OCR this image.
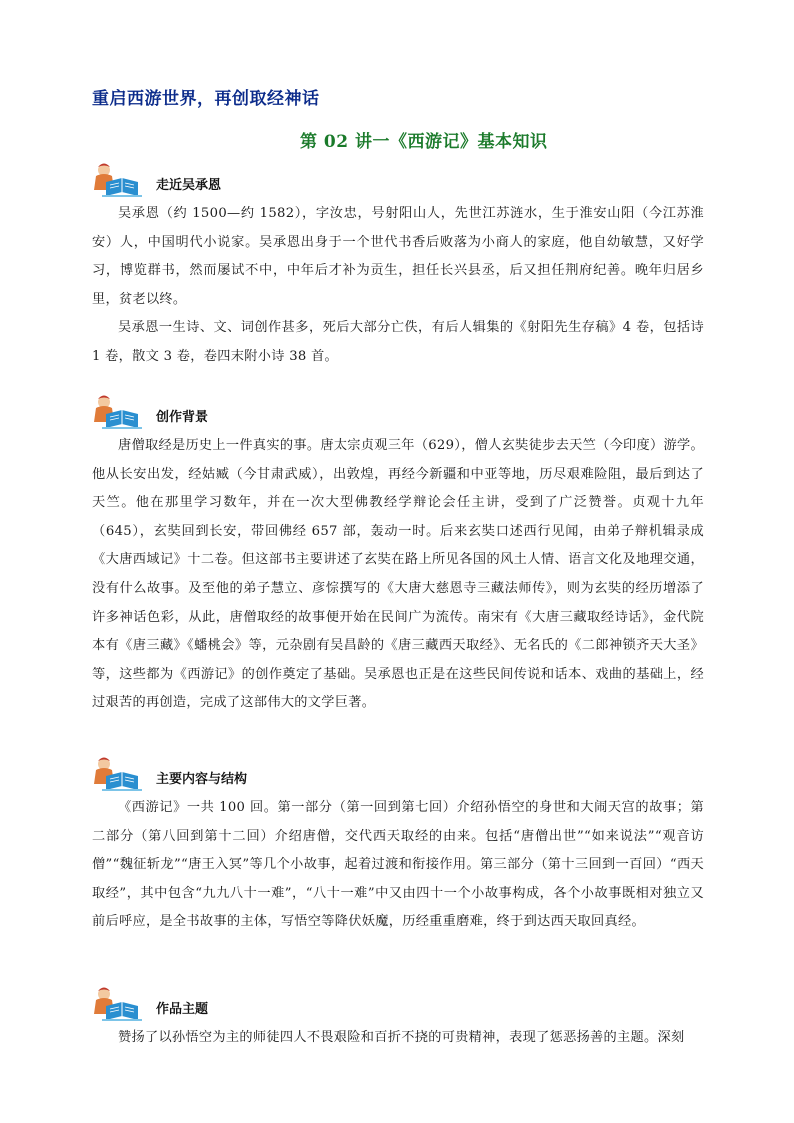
重启西游世界，再创取经神话
第 02 讲一《西游记》基本知识
走近吴承恩

吴承恩（约 1500—约 1582），字汝忠，号射阳山人，先世江苏涟水，生于淮安山阳（今江苏淮安）人，中国明代小说家。吴承恩出身于一个世代书香后败落为小商人的家庭，他自幼敏慧，又好学习，博览群书，然而屡试不中，中年后才补为贡生，担任长兴县丞，后又担任荆府纪善。晚年归居乡里，贫老以终。

吴承恩一生诗、文、词创作甚多，死后大部分亡佚，有后人辑集的《射阳先生存稿》4 卷，包括诗 1 卷，散文 3 卷，卷四末附小诗 38 首。

创作背景

唐僧取经是历史上一件真实的事。唐太宗贞观三年（629），僧人玄奘徒步去天竺（今印度）游学。他从长安出发，经姑臧（今甘肃武威），出敦煌，再经今新疆和中亚等地，历尽艰难险阻，最后到达了天竺。他在那里学习数年，并在一次大型佛教经学辩论会任主讲，受到了广泛赞誉。贞观十九年（645），玄奘回到长安，带回佛经 657 部，轰动一时。后来玄奘口述西行见闻，由弟子辩机辑录成《大唐西域记》十二卷。但这部书主要讲述了玄奘在路上所见各国的风土人情、语言文化及地理交通，没有什么故事。及至他的弟子慧立、彦悰撰写的《大唐大慈恩寺三藏法师传》，则为玄奘的经历增添了许多神话色彩，从此，唐僧取经的故事便开始在民间广为流传。南宋有《大唐三藏取经诗话》，金代院本有《唐三藏》《蟠桃会》等，元杂剧有吴昌龄的《唐三藏西天取经》、无名氏的《二郎神锁齐天大圣》等，这些都为《西游记》的创作奠定了基础。吴承恩也正是在这些民间传说和话本、戏曲的基础上，经过艰苦的再创造，完成了这部伟大的文学巨著。

主要内容与结构

《西游记》一共 100 回。第一部分（第一回到第七回）介绍孙悟空的身世和大闹天宫的故事；第二部分（第八回到第十二回）介绍唐僧，交代西天取经的由来。包括“唐僧出世”“如来说法”“观音访僧”“魏征斩龙”“唐王入冥”等几个小故事，起着过渡和衔接作用。第三部分（第十三回到一百回）“西天取经”，其中包含“九九八十一难”，“八十一难”中又由四十一个小故事构成，各个小故事既相对独立又前后呼应，是全书故事的主体，写悟空等降伏妖魔，历经重重磨难，终于到达西天取回真经。

作品主题

赞扬了以孙悟空为主的师徒四人不畏艰险和百折不挠的可贵精神，表现了惩恶扬善的主题。深刻
